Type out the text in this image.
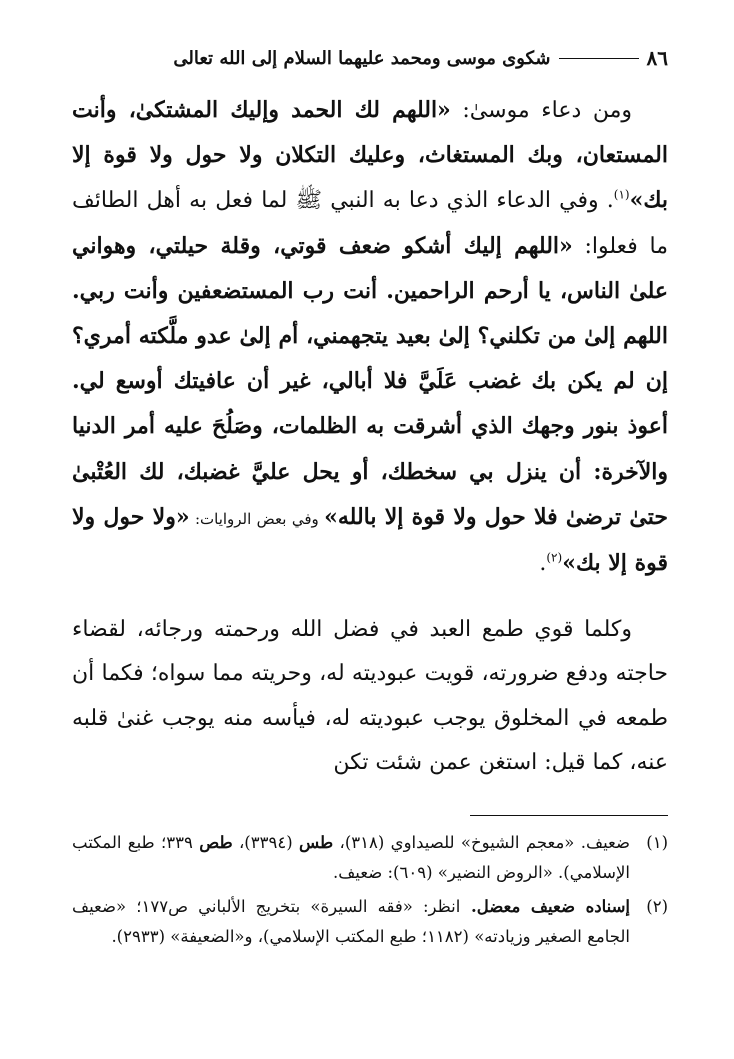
٨٦
شكوى موسى ومحمد عليهما السلام إلى الله تعالى

ومن دعاء موسىٰ: «اللهم لك الحمد وإليك المشتكىٰ، وأنت المستعان، وبك المستغاث، وعليك التكلان ولا حول ولا قوة إلا بك»$^{(١)}$. وفي الدعاء الذي دعا به النبي ﷺ لما فعل به أهل الطائف ما فعلوا: «اللهم إليك أشكو ضعف قوتي، وقلة حيلتي، وهواني علىٰ الناس، يا أرحم الراحمين. أنت رب المستضعفين وأنت ربي. اللهم إلىٰ من تكلني؟ إلىٰ بعيد يتجهمني، أم إلىٰ عدو ملَّكته أمري؟ إن لم يكن بك غضب عَلَيَّ فلا أبالي، غير أن عافيتك أوسع لي. أعوذ بنور وجهك الذي أشرقت به الظلمات، وصَلُحَ عليه أمر الدنيا والآخرة: أن ينزل بي سخطك، أو يحل عليَّ غضبك، لك العُتْبىٰ حتىٰ ترضىٰ فلا حول ولا قوة إلا بالله» وفي بعض الروايات: «ولا حول ولا قوة إلا بك»$^{(٢)}$.

وكلما قوي طمع العبد في فضل الله ورحمته ورجائه، لقضاء حاجته ودفع ضرورته، قويت عبوديته له، وحريته مما سواه؛ فكما أن طمعه في المخلوق يوجب عبوديته له، فيأسه منه يوجب غنىٰ قلبه عنه، كما قيل: استغن عمن شئت تكن

(١)
ضعيف. «معجم الشيوخ» للصيداوي (٣١٨)، طس (٣٣٩٤)، طص ٣٣٩؛ طبع المكتب الإسلامي). «الروض النضير» (٦٠٩): ضعيف.
(٢)
إسناده ضعيف معضل. انظر: «فقه السيرة» بتخريج الألباني ص١٧٧؛ «ضعيف الجامع الصغير وزيادته» (١١٨٢؛ طبع المكتب الإسلامي)، و«الضعيفة» (٢٩٣٣).
